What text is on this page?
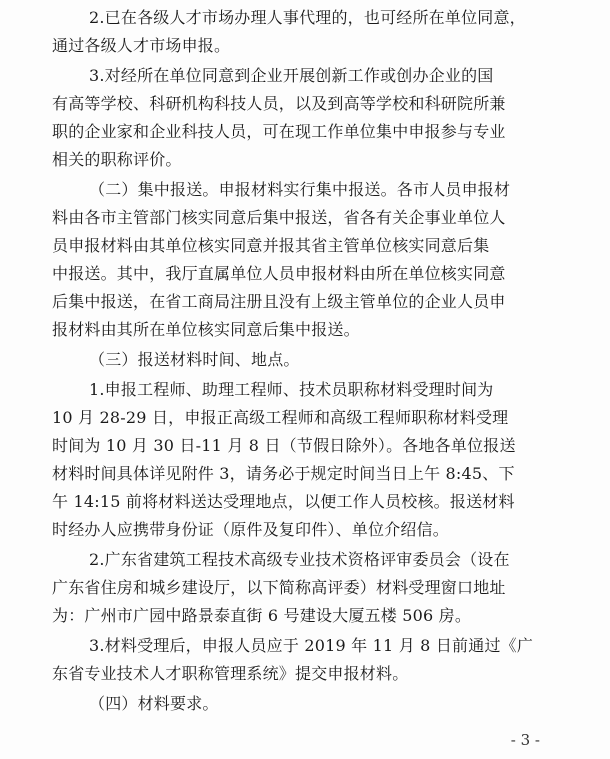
2.已在各级人才市场办理人事代理的，也可经所在单位同意，
通过各级人才市场申报。
3.对经所在单位同意到企业开展创新工作或创办企业的国
有高等学校、科研机构科技人员，以及到高等学校和科研院所兼
职的企业家和企业科技人员，可在现工作单位集中申报参与专业
相关的职称评价。
（二）集中报送。申报材料实行集中报送。各市人员申报材
料由各市主管部门核实同意后集中报送，省各有关企事业单位人
员申报材料由其单位核实同意并报其省主管单位核实同意后集
中报送。其中，我厅直属单位人员申报材料由所在单位核实同意
后集中报送，在省工商局注册且没有上级主管单位的企业人员申
报材料由其所在单位核实同意后集中报送。
（三）报送材料时间、地点。
1.申报工程师、助理工程师、技术员职称材料受理时间为
10 月 28-29 日，申报正高级工程师和高级工程师职称材料受理
时间为 10 月 30 日-11 月 8 日（节假日除外）。各地各单位报送
材料时间具体详见附件 3，请务必于规定时间当日上午 8:45、下
午 14:15 前将材料送达受理地点，以便工作人员校核。报送材料
时经办人应携带身份证（原件及复印件）、单位介绍信。
2.广东省建筑工程技术高级专业技术资格评审委员会（设在
广东省住房和城乡建设厅，以下简称高评委）材料受理窗口地址
为：广州市广园中路景泰直街 6 号建设大厦五楼 506 房。
3.材料受理后，申报人员应于 2019 年 11 月 8 日前通过《广
东省专业技术人才职称管理系统》提交申报材料。
（四）材料要求。
- 3 -
